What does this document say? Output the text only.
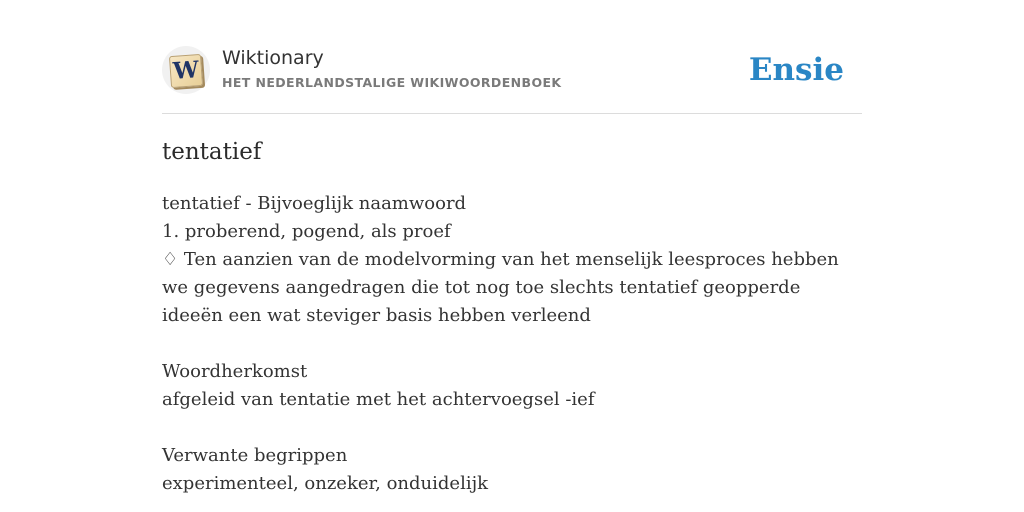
W Wiktionary
HET NEDERLANDSTALIGE WIKIWOORDENBOEK	Ensie
tentatief
tentatief - Bijvoeglijk naamwoord
1. proberend, pogend, als proef
♢ Ten aanzien van de modelvorming van het menselijk leesproces hebben we gegevens aangedragen die tot nog toe slechts tentatief geopperde ideeën een wat steviger basis hebben verleend
Woordherkomst
afgeleid van tentatie met het achtervoegsel -ief
Verwante begrippen
experimenteel, onzeker, onduidelijk
